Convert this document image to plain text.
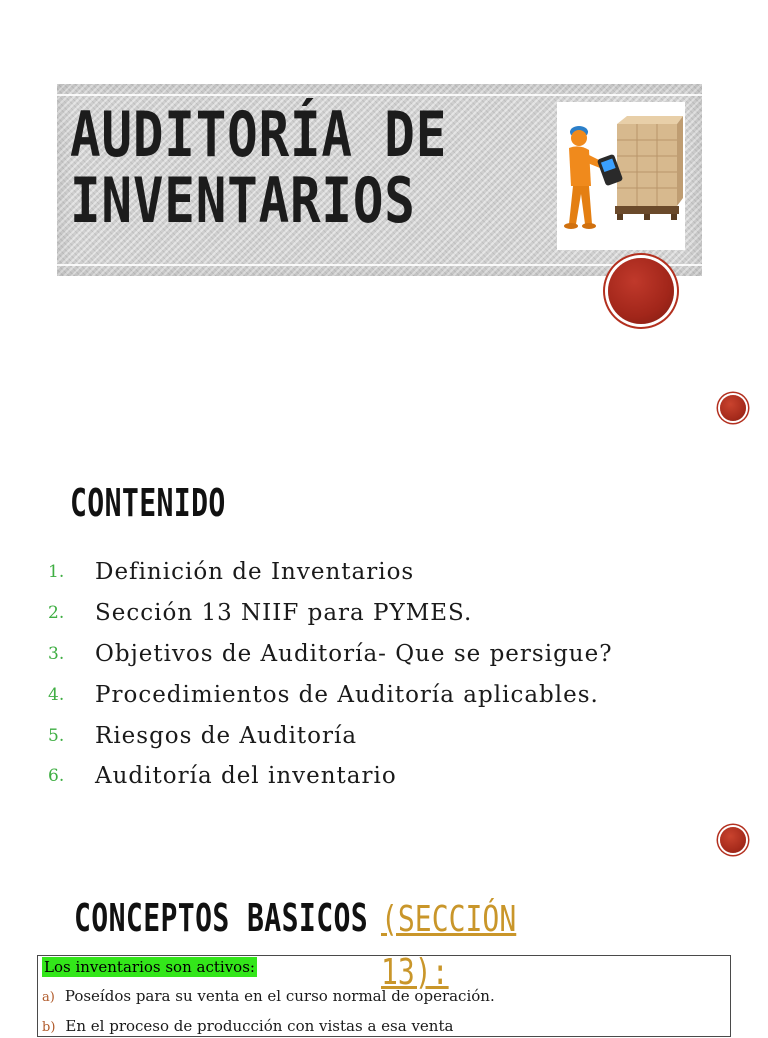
AUDITORÍA DE
INVENTARIOS
CONTENIDO
1.	Definición de Inventarios
2.	Sección 13 NIIF para PYMES.
3.	Objetivos de Auditoría- Que se persigue?
4.	Procedimientos de Auditoría aplicables.
5.	Riesgos de Auditoría
6.	Auditoría del inventario
CONCEPTOS BASICOS (SECCIÓN
13):
Los inventarios son activos:
a) Poseídos para su venta en el curso normal de operación.
b) En el proceso de producción con vistas a esa venta
